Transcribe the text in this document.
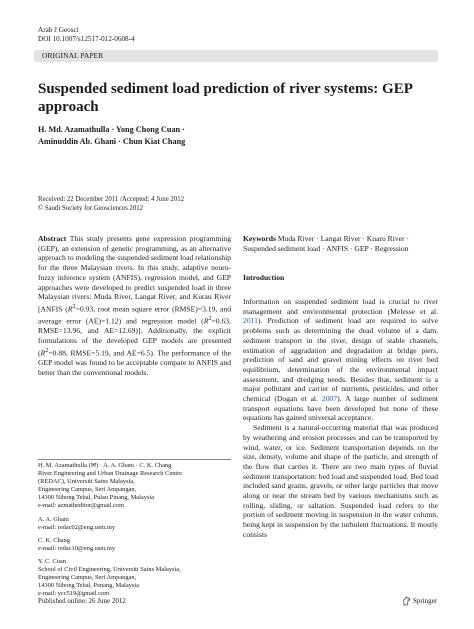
Arab J Geosci
DOI 10.1007/s12517-012-0608-4
ORIGINAL PAPER
Suspended sediment load prediction of river systems: GEP approach
H. Md. Azamathulla · Yong Chong Cuan ·
Aminuddin Ab. Ghani · Chun Kiat Chang
Received: 22 December 2011 /Accepted: 4 June 2012
© Saudi Society for Geosciences 2012
Abstract This study presents gene expression programming (GEP), an extension of genetic programming, as an alternative approach to modeling the suspended sediment load relationship for the three Malaysian rivers. In this study, adaptive neuro-fuzzy inference system (ANFIS), regression model, and GEP approaches were developed to predict suspended load in three Malaysian rivers: Muda River, Langat River, and Kurau River [ANFIS ($R^2=0.93$, root mean square error (RMSE)=3.19, and average error (AE)=1.12) and regression model ($R^2=0.63$, RMSE=13.96, and AE=12.69)]. Additionally, the explicit formulations of the developed GEP models are presented ($R^2=0.88$, RMSE=5.19, and AE=6.5). The performance of the GEP model was found to be acceptable compare to ANFIS and better than the conventional models.

H. M. Azamathulla (✉) · A. A. Ghani · C. K. Chang
River Engineering and Urban Drainage Research Centre
(REDAC), Universiti Sains Malaysia,
Engineering Campus, Seri Ampangan,
14300 Nibong Tebal, Pulau Pinang, Malaysia
e-mail: azmatheditor@gmail.com

A. A. Ghani
e-mail: redac02@eng.usm.my

C. K. Chang
e-mail: redac10@eng.usm.my

Y. C. Cuan
School of Civil Engineering, Universiti Sains Malaysia,
Engineering Campus, Seri Ampangan,
14300 Nibong Tebal, Penang, Malaysia
e-mail: ycc519@gmail.com

Keywords Muda River · Langat River · Kuaru River · Suspended sediment load · ANFIS · GEP · Regression
Introduction

Information on suspended sediment load is crucial to river management and environmental protection (Melesse et al. 2011). Prediction of sediment load are required to solve problems such as determining the dead volume of a dam, sediment transport in the river, design of stable channels, estimation of aggradation and degradation at bridge piers, prediction of sand and gravel mining effects on river bed equilibrium, determination of the environmental impact assessment, and dredging needs. Besides that, sediment is a major pollutant and carrier of nutrients, pesticides, and other chemical (Dogan et al. 2007). A large number of sediment transport equations have been developed but none of these equations has gained universal acceptance.

Sediment is a natural-occurring material that was produced by weathering and erosion processes and can be transported by wind, water, or ice. Sediment transportation depends on the size, density, volume and shape of the particle, and strength of the flow that carries it. There are two main types of fluvial sediment transportation: bed load and suspended load. Bed load included sand grains, gravels, or other large particles that move along or near the stream bed by various mechanisms such as rolling, sliding, or saltation. Suspended load refers to the portion of sediment moving in suspension in the water column, being kept in suspension by the turbulent fluctuations. It mostly consists

Published online: 26 June 2012	Springer
